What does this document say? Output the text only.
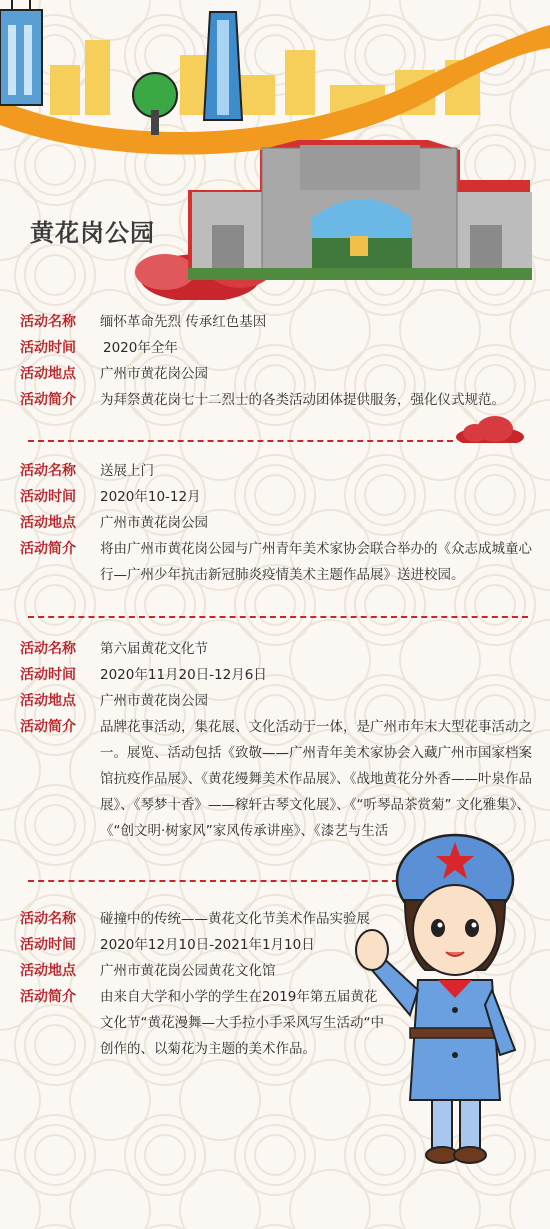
黄花岗公园
活动名称	缅怀革命先烈 传承红色基因
活动时间	2020年全年
活动地点	广州市黄花岗公园
活动简介	为拜祭黄花岗七十二烈士的各类活动团体提供服务，强化仪式规范。
活动名称	送展上门
活动时间	2020年10-12月
活动地点	广州市黄花岗公园
活动简介	将由广州市黄花岗公园与广州青年美术家协会联合举办的《众志成城童心行—广州少年抗击新冠肺炎疫情美术主题作品展》送进校园。
活动名称	第六届黄花文化节
活动时间	2020年11月20日-12月6日
活动地点	广州市黄花岗公园
活动简介	品牌花事活动，集花展、文化活动于一体，是广州市年末大型花事活动之一。展览、活动包括《致敬——广州青年美术家协会入藏广州市国家档案馆抗疫作品展》、《黄花缦舞美术作品展》、《战地黄花分外香——叶泉作品展》、《琴梦十香》——稼轩古琴文化展》、《“听琴品茶赏菊” 文化雅集》、《“创文明·树家风”家风传承讲座》、《漆艺与生活
活动名称	碰撞中的传统——黄花文化节美术作品实验展
活动时间	2020年12月10日-2021年1月10日
活动地点	广州市黄花岗公园黄花文化馆
活动简介	由来自大学和小学的学生在2019年第五届黄花文化节“黄花漫舞—大手拉小手采风写生活动“中创作的、以菊花为主题的美术作品。
